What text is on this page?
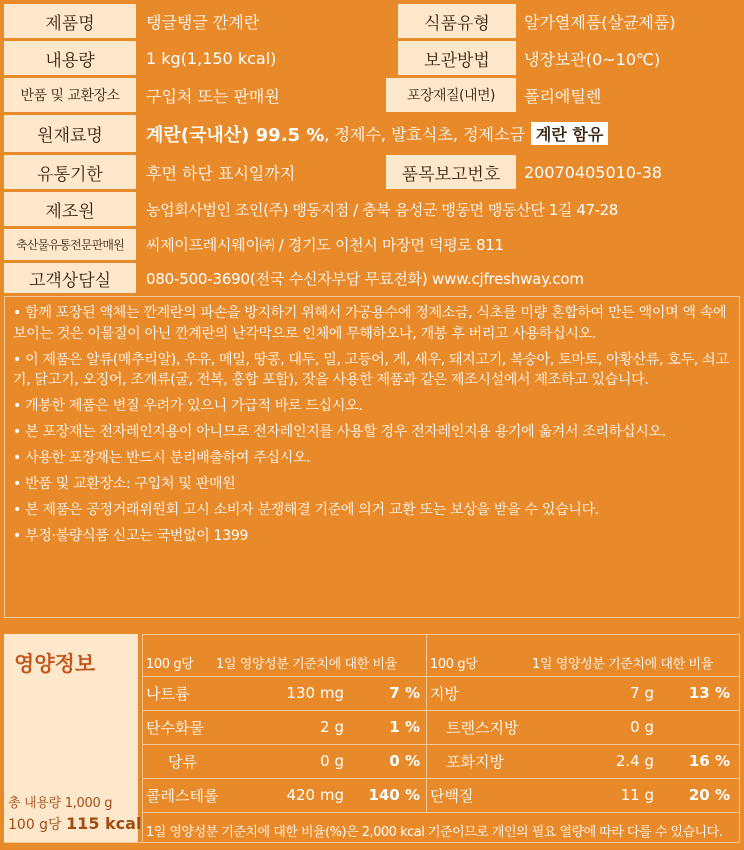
제품명	탱글탱글 깐계란	식품유형	알가열제품(살균제품)
내용량	1 kg(1,150 kcal)	보관방법	냉장보관(0~10℃)
반품 및 교환장소	구입처 또는 판매원	포장재질(내면)	폴리에틸렌
원재료명	계란(국내산) 99.5 % , 정제수, 발효식초, 정제소금 계란 함유
유통기한	후면 하단 표시일까지	품목보고번호	20070405010-38
제조원	농업회사법인 조인(주) 맹동지점 / 충북 음성군 맹동면 맹동산단 1길 47-28
축산물유통전문판매원	씨제이프레시웨이㈜ / 경기도 이천시 마장면 덕평로 811
고객상담실	080-500-3690(전국 수신자부담 무료전화) www.cjfreshway.com

• 함께 포장된 액체는 깐계란의 파손을 방지하기 위해서 가공용수에 정제소금, 식초를 미량 혼합하여 만든 액이며 액 속에 보이는 것은 이물질이 아닌 깐계란의 난각막으로 인체에 무해하오나, 개봉 후 버리고 사용하십시오.

• 이 제품은 알류(메추리알), 우유, 메밀, 땅콩, 대두, 밀, 고등어, 게, 새우, 돼지고기, 복숭아, 토마토, 아황산류, 호두, 쇠고기, 닭고기, 오징어, 조개류(굴, 전복, 홍합 포함), 잣을 사용한 제품과 같은 제조시설에서 제조하고 있습니다.

• 개봉한 제품은 변질 우려가 있으니 가급적 바로 드십시오.

• 본 포장재는 전자레인지용이 아니므로 전자레인지를 사용할 경우 전자레인지용 용기에 옮겨서 조리하십시오.

• 사용한 포장재는 반드시 분리배출하여 주십시오.

• 반품 및 교환장소: 구입처 및 판매원

• 본 제품은 공정거래위원회 고시 소비자 분쟁해결 기준에 의거 교환 또는 보상을 받을 수 있습니다.

• 부정·불량식품 신고는 국번없이 1399

영양정보
총 내용량 1,000 g
100 g당 115 kcal
100 g당 1일 영양성분 기준치에 대한 비율	100 g당	1일 영양성분 기준치에 대한 비율
나트륨	130 mg	7 %
탄수화물	2 g	1 %
당류	0 g	0 %
콜레스테롤	420 mg 140 %
지방	7 g 13 %
트랜스지방	0 g
포화지방	2.4 g 16 %
단백질	11 g 20 %
1일 영양성분 기준치에 대한 비율(%)은 2,000 kcal 기준이므로 개인의 필요 열량에 따라 다를 수 있습니다.
